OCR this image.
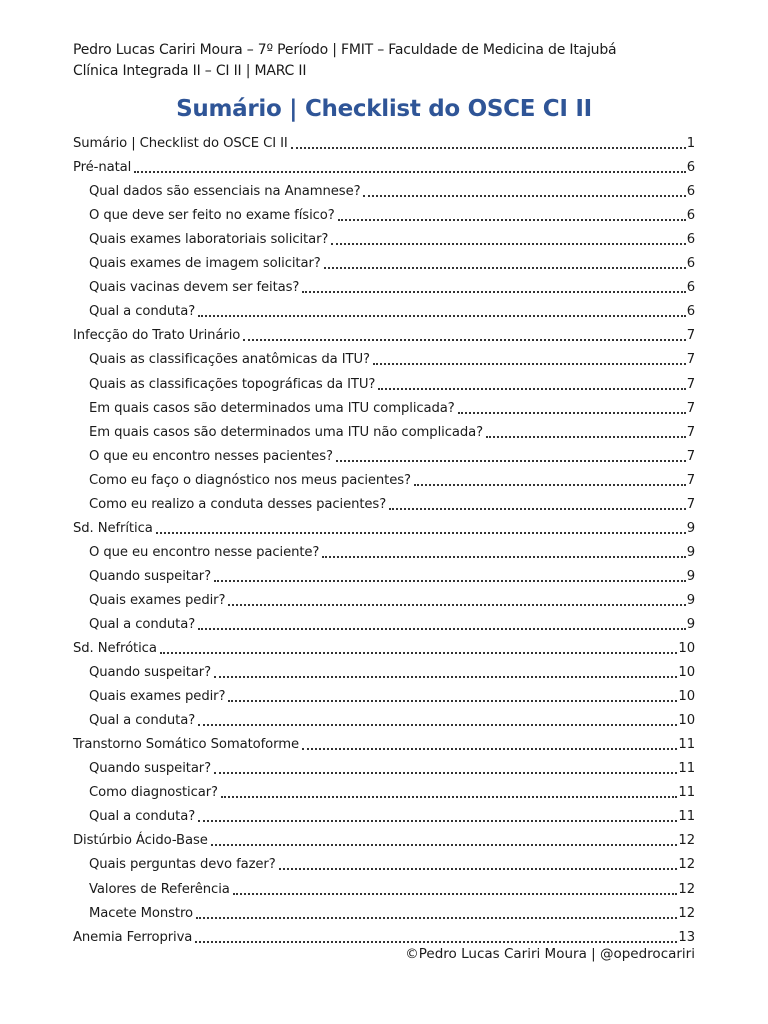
Pedro Lucas Cariri Moura – 7º Período | FMIT – Faculdade de Medicina de Itajubá
Clínica Integrada II – CI II | MARC II
Sumário | Checklist do OSCE CI II
Sumário | Checklist do OSCE CI II	1
Pré-natal	6
Qual dados são essenciais na Anamnese?	6
O que deve ser feito no exame físico?	6
Quais exames laboratoriais solicitar?	6
Quais exames de imagem solicitar?	6
Quais vacinas devem ser feitas?	6
Qual a conduta?	6
Infecção do Trato Urinário	7
Quais as classificações anatômicas da ITU?	7
Quais as classificações topográficas da ITU?	7
Em quais casos são determinados uma ITU complicada?	7
Em quais casos são determinados uma ITU não complicada?	7
O que eu encontro nesses pacientes?	7
Como eu faço o diagnóstico nos meus pacientes?	7
Como eu realizo a conduta desses pacientes?	7
Sd. Nefrítica	9
O que eu encontro nesse paciente?	9
Quando suspeitar?	9
Quais exames pedir?	9
Qual a conduta?	9
Sd. Nefrótica	10
Quando suspeitar?	10
Quais exames pedir?	10
Qual a conduta?	10
Transtorno Somático Somatoforme	11
Quando suspeitar?	11
Como diagnosticar?	11
Qual a conduta?	11
Distúrbio Ácido-Base	12
Quais perguntas devo fazer?	12
Valores de Referência	12
Macete Monstro	12
Anemia Ferropriva	13
©Pedro Lucas Cariri Moura | @opedrocariri
